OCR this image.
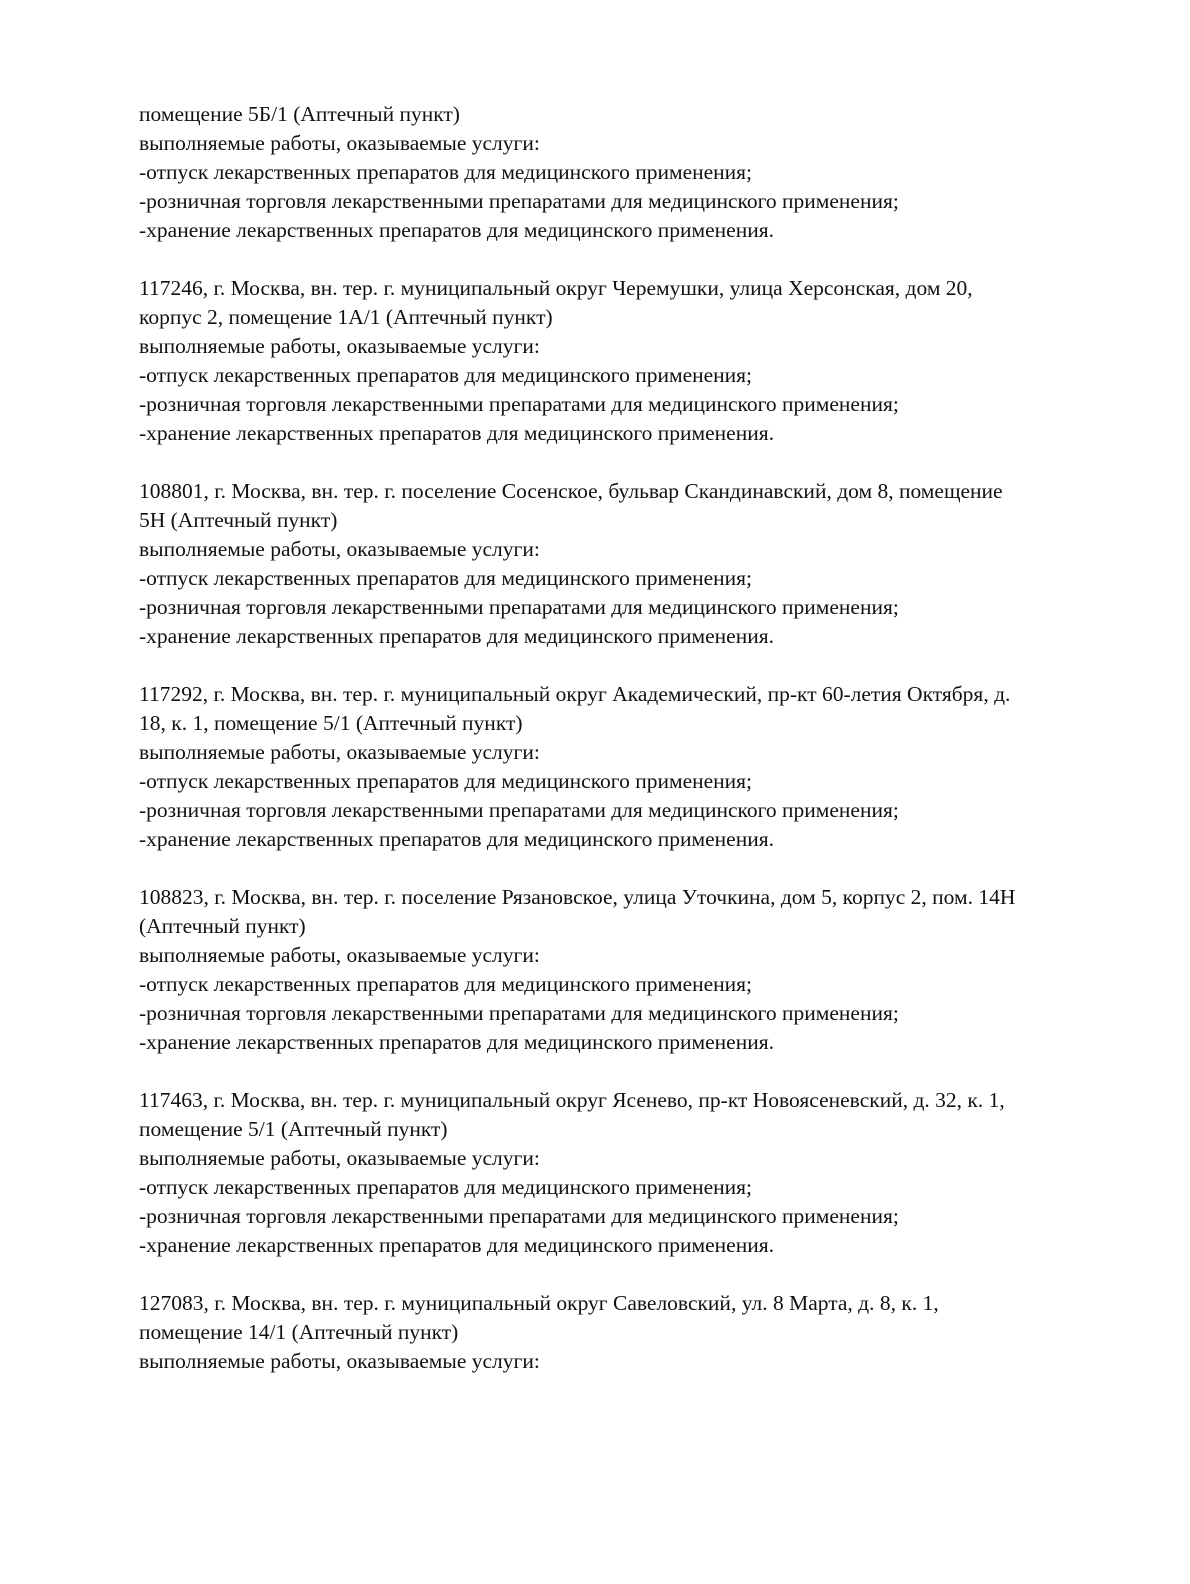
помещение 5Б/1 (Аптечный пункт)
выполняемые работы, оказываемые услуги:
-отпуск лекарственных препаратов для медицинского применения;
-розничная торговля лекарственными препаратами для медицинского применения;
-хранение лекарственных препаратов для медицинского применения.
117246, г. Москва, вн. тер. г. муниципальный округ Черемушки, улица Херсонская, дом 20,
корпус 2, помещение 1А/1 (Аптечный пункт)
выполняемые работы, оказываемые услуги:
-отпуск лекарственных препаратов для медицинского применения;
-розничная торговля лекарственными препаратами для медицинского применения;
-хранение лекарственных препаратов для медицинского применения.
108801, г. Москва, вн. тер. г. поселение Сосенское, бульвар Скандинавский, дом 8, помещение
5Н (Аптечный пункт)
выполняемые работы, оказываемые услуги:
-отпуск лекарственных препаратов для медицинского применения;
-розничная торговля лекарственными препаратами для медицинского применения;
-хранение лекарственных препаратов для медицинского применения.
117292, г. Москва, вн. тер. г. муниципальный округ Академический, пр-кт 60-летия Октября, д.
18, к. 1, помещение 5/1 (Аптечный пункт)
выполняемые работы, оказываемые услуги:
-отпуск лекарственных препаратов для медицинского применения;
-розничная торговля лекарственными препаратами для медицинского применения;
-хранение лекарственных препаратов для медицинского применения.
108823, г. Москва, вн. тер. г. поселение Рязановское, улица Уточкина, дом 5, корпус 2, пом. 14Н
(Аптечный пункт)
выполняемые работы, оказываемые услуги:
-отпуск лекарственных препаратов для медицинского применения;
-розничная торговля лекарственными препаратами для медицинского применения;
-хранение лекарственных препаратов для медицинского применения.
117463, г. Москва, вн. тер. г. муниципальный округ Ясенево, пр-кт Новоясеневский, д. 32, к. 1,
помещение 5/1 (Аптечный пункт)
выполняемые работы, оказываемые услуги:
-отпуск лекарственных препаратов для медицинского применения;
-розничная торговля лекарственными препаратами для медицинского применения;
-хранение лекарственных препаратов для медицинского применения.
127083, г. Москва, вн. тер. г. муниципальный округ Савеловский, ул. 8 Марта, д. 8, к. 1,
помещение 14/1 (Аптечный пункт)
выполняемые работы, оказываемые услуги:
